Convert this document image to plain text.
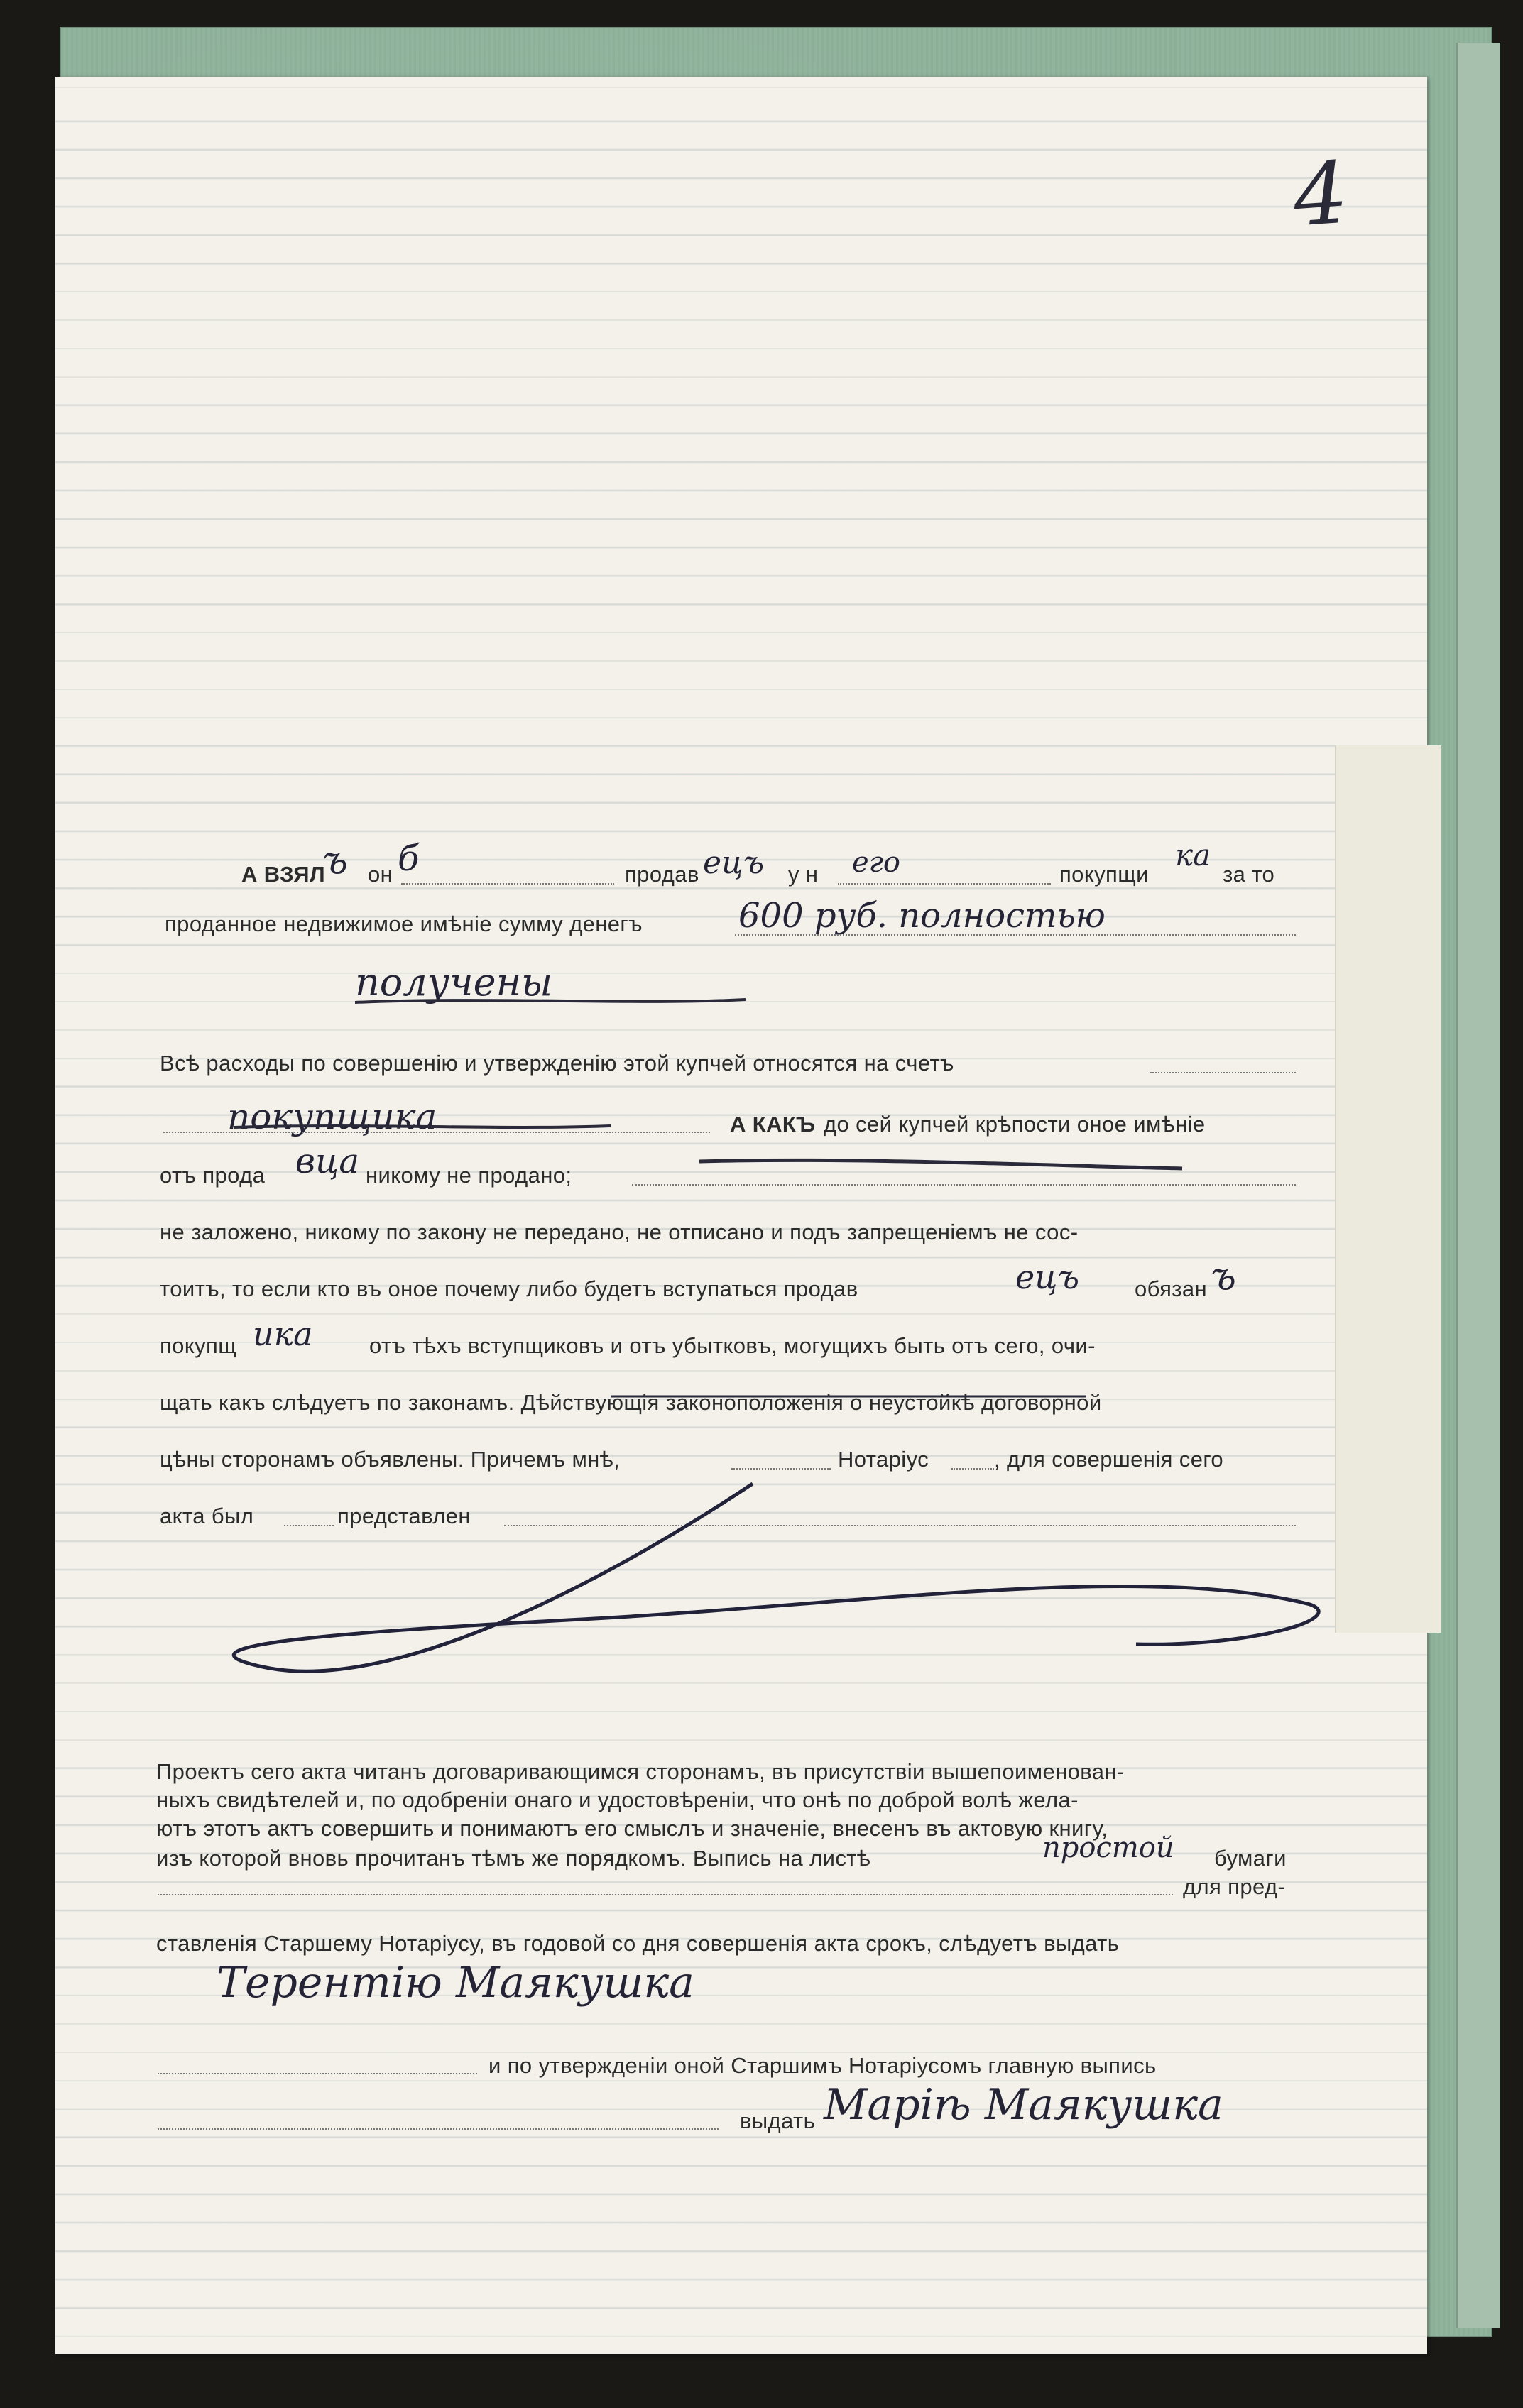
4
А ВЗЯЛ
ъ он б	продав ецъ у н его	покупщи
ка
за то
проданное недвижимое имѣніе сумму денегъ	600 руб. полностью
получены
Всѣ расходы по совершенію и утвержденію этой купчей относятся на счетъ
покупщика	А КАКЪ до сей купчей крѣпости оное имѣніе
отъ прода вца никому не продано;
не заложено, никому по закону не передано, не отписано и подъ запрещеніемъ не сос-
тоитъ, то если кто въ оное почему либо будетъ вступаться продав	ецъ	обязан ъ
покупщ ика	отъ тѣхъ вступщиковъ и отъ убытковъ, могущихъ быть отъ сего, очи-
щать какъ слѣдуетъ по законамъ. Дѣйствующія законоположенія о неустойкѣ договорной
цѣны сторонамъ объявлены. Причемъ мнѣ,	Нотаріус	, для совершенія сего
акта был	представлен
Проектъ сего акта читанъ договаривающимся сторонамъ, въ присутствіи вышепоименован-
ныхъ свидѣтелей и, по одобреніи онаго и удостовѣреніи, что онѣ по доброй волѣ жела-
ютъ этотъ актъ совершить и понимаютъ его смыслъ и значеніе, внесенъ въ актовую книгу,
изъ которой вновь прочитанъ тѣмъ же порядкомъ. Выпись на листѣ	простой бумаги
для пред-
ставленія Старшему Нотаріусу, въ годовой со дня совершенія акта срокъ, слѣдуетъ выдать
Терентію Маякушка
и по утвержденіи оной Старшимъ Нотаріусомъ главную выпись
выдать Маріѣ Маякушка
